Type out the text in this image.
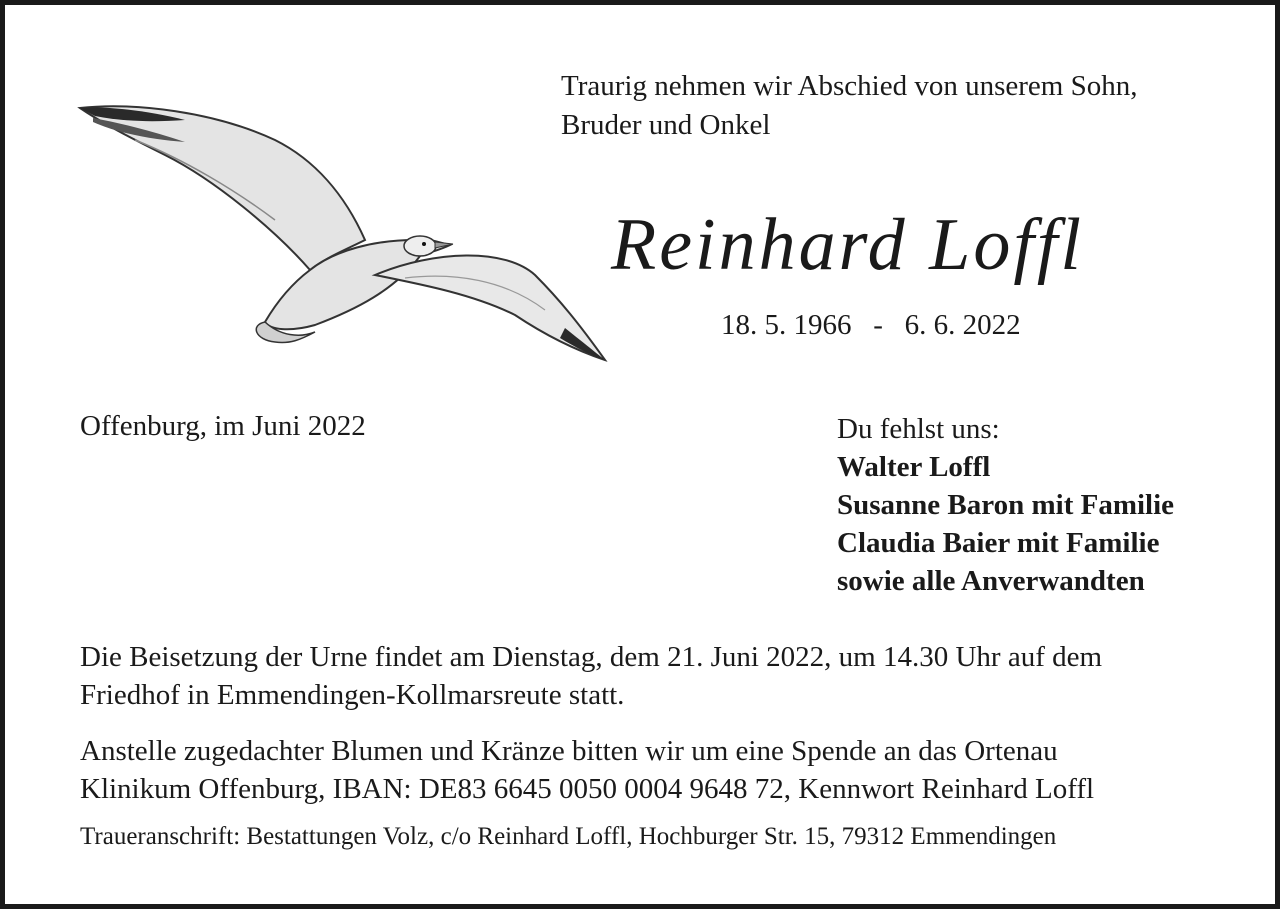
Traurig nehmen wir Abschied von unserem Sohn,
Bruder und Onkel

Reinhard Loffl

18. 5. 1966   -   6. 6. 2022

Offenburg, im Juni 2022	Du fehlst uns:
Walter Loffl
Susanne Baron mit Familie
Claudia Baier mit Familie
sowie alle Anverwandten

Die Beisetzung der Urne findet am Dienstag, dem 21. Juni 2022, um 14.30 Uhr auf dem
Friedhof in Emmendingen-Kollmarsreute statt.

Anstelle zugedachter Blumen und Kränze bitten wir um eine Spende an das Ortenau
Klinikum Offenburg, IBAN: DE83 6645 0050 0004 9648 72, Kennwort Reinhard Loffl

Traueranschrift: Bestattungen Volz, c/o Reinhard Loffl, Hochburger Str. 15, 79312 Emmendingen
